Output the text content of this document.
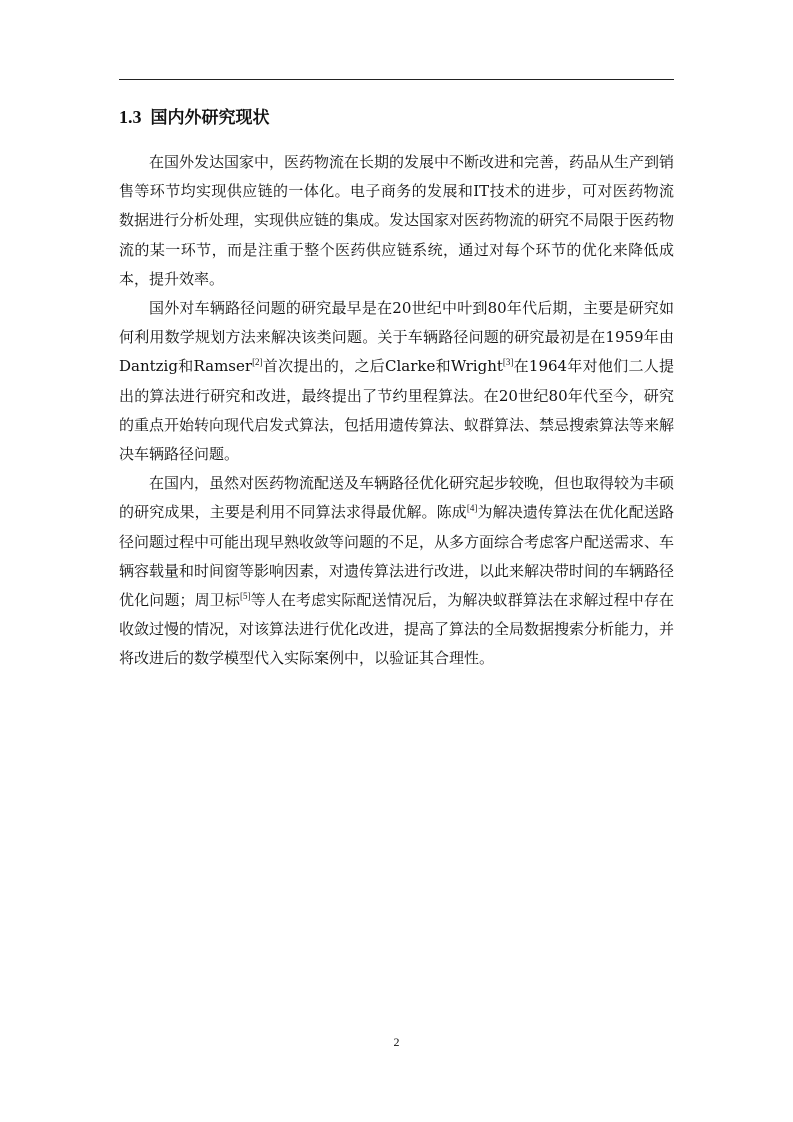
1.3 国内外研究现状

在国外发达国家中，医药物流在长期的发展中不断改进和完善，药品从生产到销售等环节均实现供应链的一体化。电子商务的发展和IT技术的进步，可对医药物流数据进行分析处理，实现供应链的集成。发达国家对医药物流的研究不局限于医药物流的某一环节，而是注重于整个医药供应链系统，通过对每个环节的优化来降低成本，提升效率。

国外对车辆路径问题的研究最早是在20世纪中叶到80年代后期，主要是研究如何利用数学规划方法来解决该类问题。关于车辆路径问题的研究最初是在1959年由Dantzig和Ramser[2]首次提出的，之后Clarke和Wright[3]在1964年对他们二人提出的算法进行研究和改进，最终提出了节约里程算法。在20世纪80年代至今，研究的重点开始转向现代启发式算法，包括用遗传算法、蚁群算法、禁忌搜索算法等来解决车辆路径问题。

在国内，虽然对医药物流配送及车辆路径优化研究起步较晚，但也取得较为丰硕的研究成果，主要是利用不同算法求得最优解。陈成[4]为解决遗传算法在优化配送路径问题过程中可能出现早熟收敛等问题的不足，从多方面综合考虑客户配送需求、车辆容载量和时间窗等影响因素，对遗传算法进行改进，以此来解决带时间的车辆路径优化问题；周卫标[5]等人在考虑实际配送情况后，为解决蚁群算法在求解过程中存在收敛过慢的情况，对该算法进行优化改进，提高了算法的全局数据搜索分析能力，并将改进后的数学模型代入实际案例中，以验证其合理性。

2
